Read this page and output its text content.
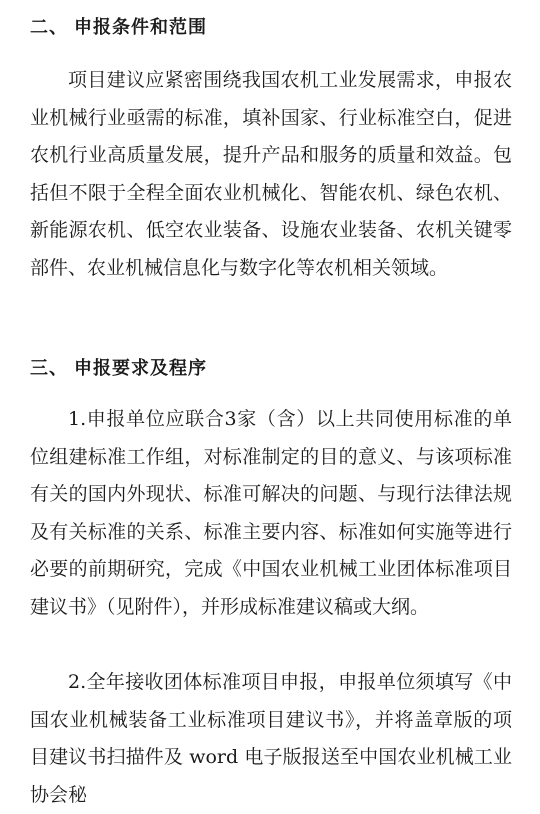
二、 申报条件和范围

项目建议应紧密围绕我国农机工业发展需求，申报农业机械行业亟需的标准，填补国家、行业标准空白，促进农机行业高质量发展，提升产品和服务的质量和效益。包括但不限于全程全面农业机械化、智能农机、绿色农机、新能源农机、低空农业装备、设施农业装备、农机关键零部件、农业机械信息化与数字化等农机相关领域。

三、 申报要求及程序

1.申报单位应联合3家（含）以上共同使用标准的单位组建标准工作组，对标准制定的目的意义、与该项标准有关的国内外现状、标准可解决的问题、与现行法律法规及有关标准的关系、标准主要内容、标准如何实施等进行必要的前期研究，完成《中国农业机械工业团体标准项目建议书》（见附件），并形成标准建议稿或大纲。

2.全年接收团体标准项目申报，申报单位须填写《中国农业机械装备工业标准项目建议书》，并将盖章版的项目建议书扫描件及 word 电子版报送至中国农业机械工业协会秘
